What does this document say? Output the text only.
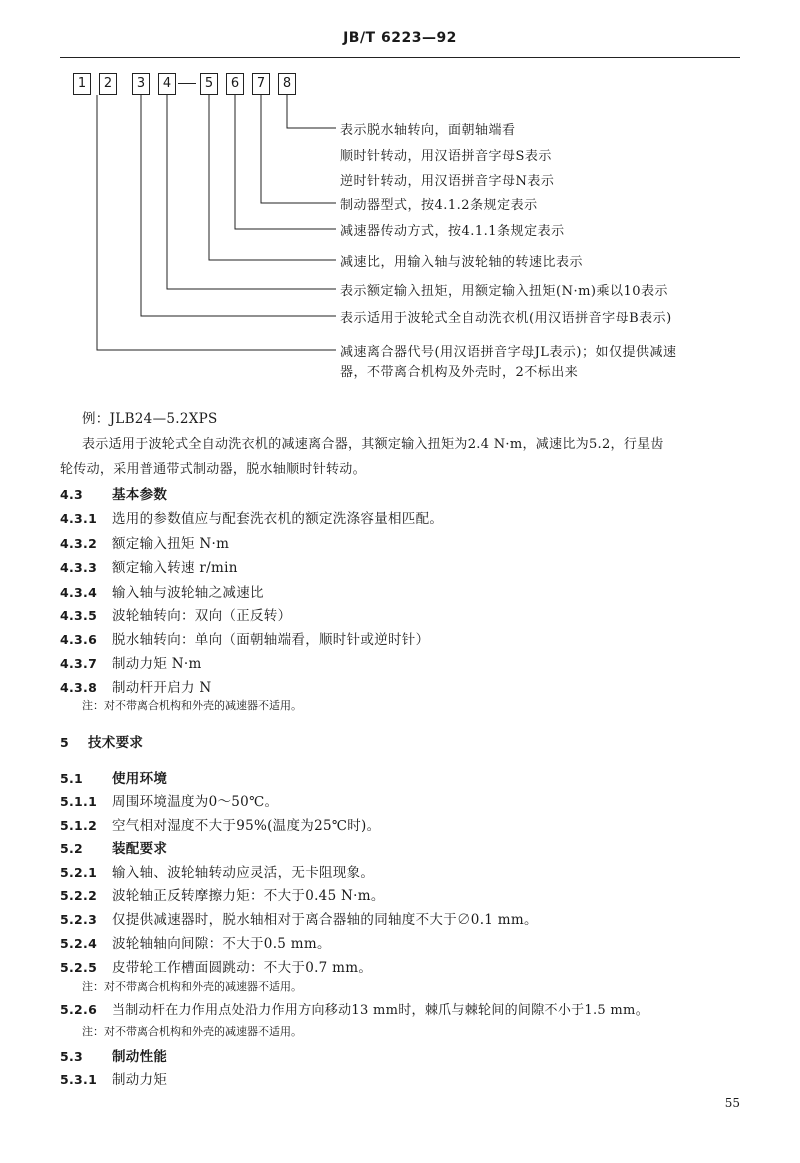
JB/T 6223—92
1	2	3	4	5	6	7	8
表示脱水轴转向，面朝轴端看
顺时针转动，用汉语拼音字母S表示
逆时针转动，用汉语拼音字母N表示
制动器型式，按4.1.2条规定表示
减速器传动方式，按4.1.1条规定表示
减速比，用输入轴与波轮轴的转速比表示
表示额定输入扭矩，用额定输入扭矩(N·m)乘以10表示
表示适用于波轮式全自动洗衣机(用汉语拼音字母B表示)
减速离合器代号(用汉语拼音字母JL表示)；如仅提供减速
器，不带离合机构及外壳时，2不标出来
例：JLB24—5.2XPS
表示适用于波轮式全自动洗衣机的减速离合器，其额定输入扭矩为2.4 N·m，减速比为5.2，行星齿
轮传动，采用普通带式制动器，脱水轴顺时针转动。
4.3 基本参数
4.3.1 选用的参数值应与配套洗衣机的额定洗涤容量相匹配。
4.3.2 额定输入扭矩 N·m
4.3.3 额定输入转速 r/min
4.3.4 输入轴与波轮轴之减速比
4.3.5 波轮轴转向：双向（正反转）
4.3.6 脱水轴转向：单向（面朝轴端看，顺时针或逆时针）
4.3.7 制动力矩 N·m
4.3.8 制动杆开启力 N
注：对不带离合机构和外壳的减速器不适用。
5 技术要求
5.1 使用环境
5.1.1 周围环境温度为0～50℃。
5.1.2 空气相对湿度不大于95%(温度为25℃时)。
5.2 装配要求
5.2.1 输入轴、波轮轴转动应灵活，无卡阻现象。
5.2.2 波轮轴正反转摩擦力矩：不大于0.45 N·m。
5.2.3 仅提供减速器时，脱水轴相对于离合器轴的同轴度不大于∅0.1 mm。
5.2.4 波轮轴轴向间隙：不大于0.5 mm。
5.2.5 皮带轮工作槽面圆跳动：不大于0.7 mm。
注：对不带离合机构和外壳的减速器不适用。
5.2.6 当制动杆在力作用点处沿力作用方向移动13 mm时，棘爪与棘轮间的间隙不小于1.5 mm。
注：对不带离合机构和外壳的减速器不适用。
5.3 制动性能
5.3.1 制动力矩
55
